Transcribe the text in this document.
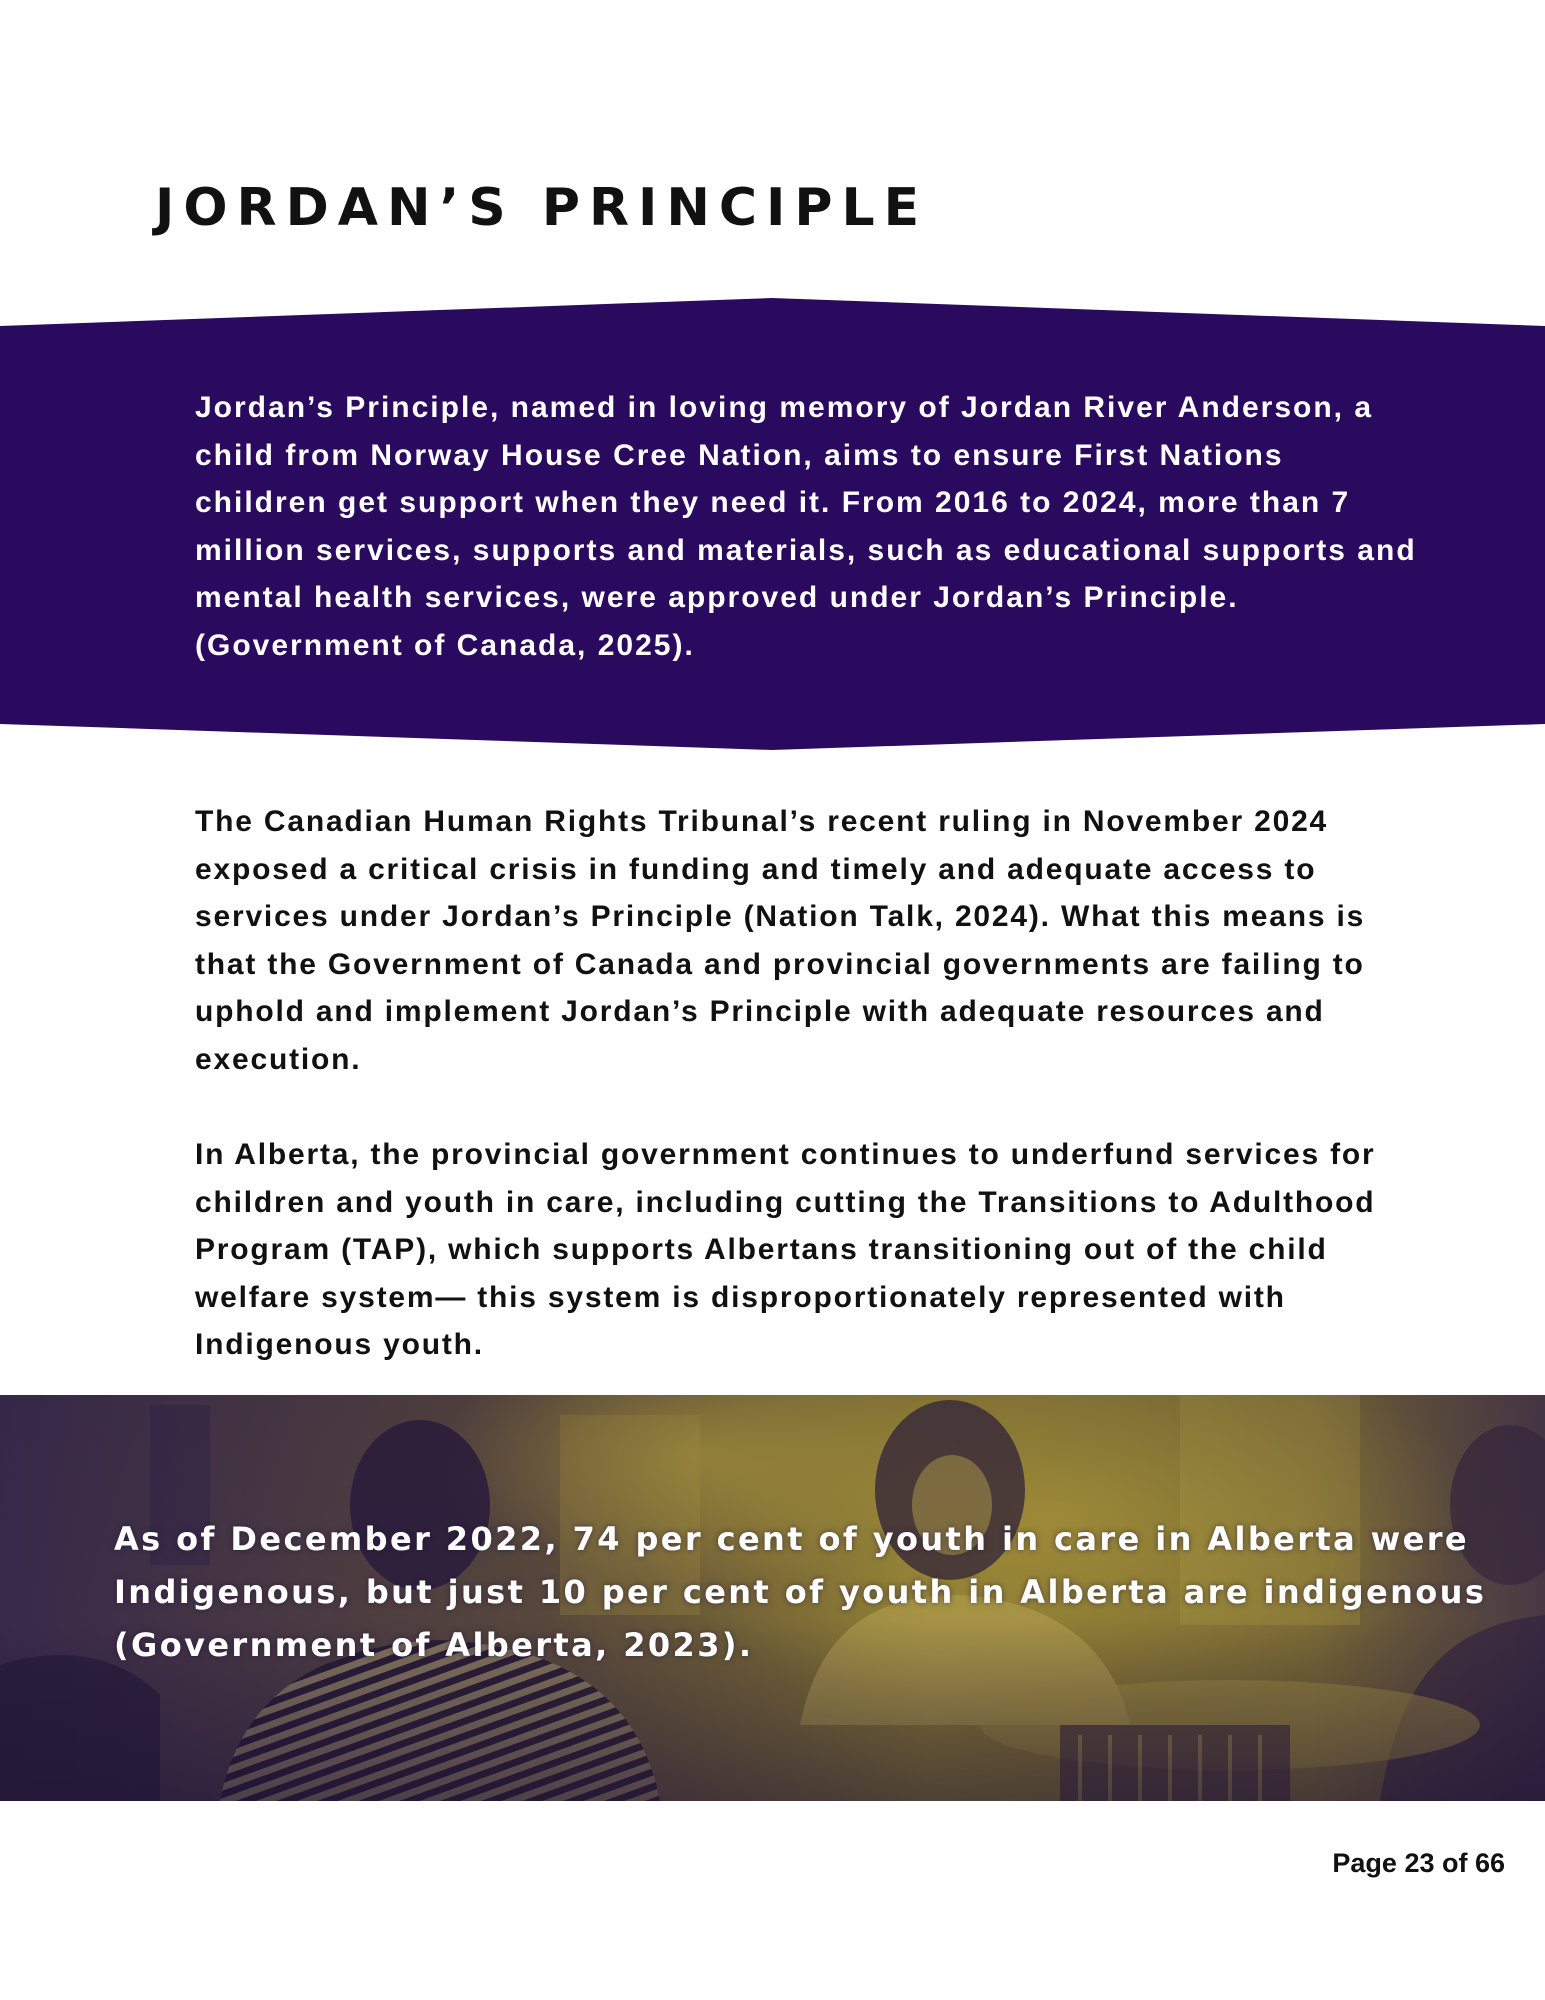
JORDAN’S PRINCIPLE

Jordan’s Principle, named in loving memory of Jordan River Anderson, a child from Norway House Cree Nation, aims to ensure First Nations children get support when they need it. From 2016 to 2024, more than 7 million services, supports and materials, such as educational supports and mental health services, were approved under Jordan’s Principle. (Government of Canada, 2025).

The Canadian Human Rights Tribunal’s recent ruling in November 2024 exposed a critical crisis in funding and timely and adequate access to services under Jordan’s Principle (Nation Talk, 2024). What this means is that the Government of Canada and provincial governments are failing to uphold and implement Jordan’s Principle with adequate resources and execution.

In Alberta, the provincial government continues to underfund services for children and youth in care, including cutting the Transitions to Adulthood Program (TAP), which supports Albertans transitioning out of the child welfare system— this system is disproportionately represented with Indigenous youth.

As of December 2022, 74 per cent of youth in care in Alberta were Indigenous, but just 10 per cent of youth in Alberta are indigenous (Government of Alberta, 2023).

Page 23 of 66
